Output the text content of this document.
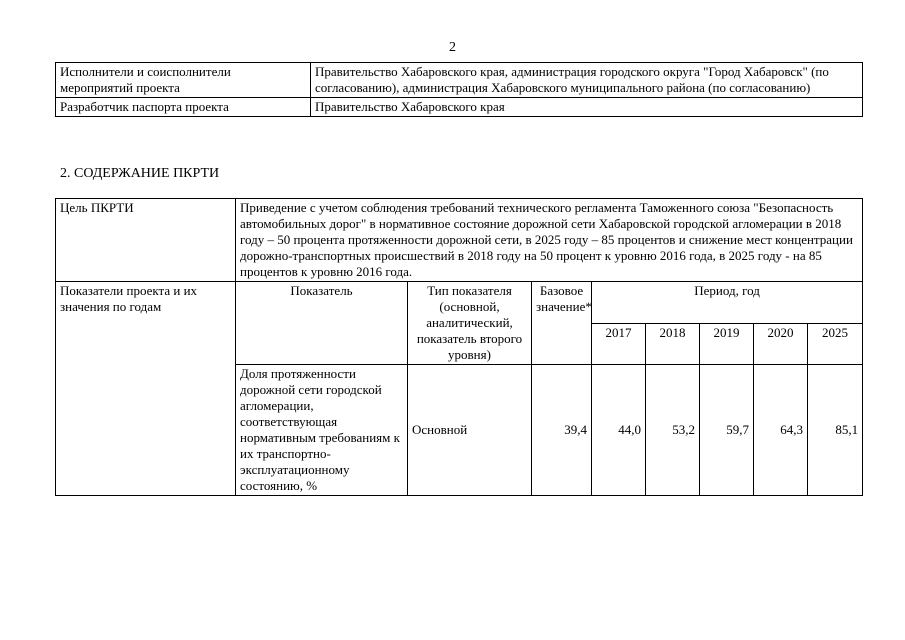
2
Исполнители и соисполнители мероприятий проекта	Правительство Хабаровского края, администрация городского округа "Город Хабаровск" (по согласованию), администрация Хабаровского муниципального района (по согласованию)
Разработчик паспорта проекта	Правительство Хабаровского края
2. СОДЕРЖАНИЕ ПКРТИ
Цель ПКРТИ	Приведение с учетом соблюдения требований технического регламента Таможенного союза "Безопасность автомобильных дорог" в нормативное состояние дорожной сети Хабаровской городской агломерации в 2018 году – 50 процента протяженности дорожной сети, в 2025 году – 85 процентов и снижение мест концентрации дорожно-транспортных происшествий в 2018 году на 50 процент к уровню 2016 года, в 2025 году - на 85 процентов к уровню 2016 года.							
Показатели проекта и их значения по годам	Показатель	Тип показателя (основной, аналитический, показатель второго уровня)	Базовое значение*	Период, год				
				2017	2018	2019	2020	2025
	Доля протяженности дорожной сети городской агломерации, соответствующая нормативным требованиям к их транспортно-эксплуатационному состоянию, %	Основной	39,4	44,0	53,2	59,7	64,3	85,1
